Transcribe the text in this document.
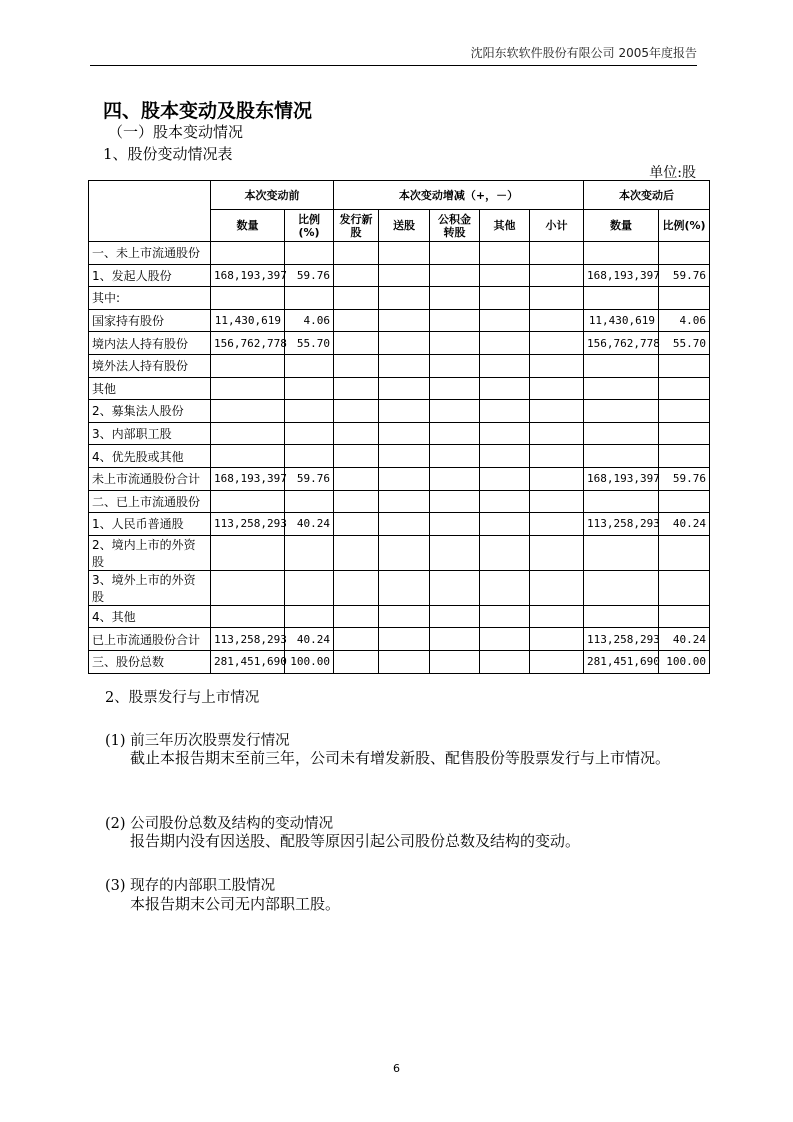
沈阳东软软件股份有限公司 2005年度报告
四、股本变动及股东情况

（一）股本变动情况

1、股份变动情况表

单位:股
	本次变动前		本次变动增减（+，－）					本次变动后	
	数量	比例(%)	发行新股	送股	公积金转股	其他	小计	数量	比例(%)
一、未上市流通股份									
1、发起人股份	168,193,397	59.76						168,193,397	59.76
其中:									
国家持有股份	11,430,619	4.06						11,430,619	4.06
境内法人持有股份	156,762,778	55.70						156,762,778	55.70
境外法人持有股份									
其他									
2、募集法人股份									
3、内部职工股									
4、优先股或其他									
未上市流通股份合计	168,193,397	59.76						168,193,397	59.76
二、已上市流通股份									
1、人民币普通股	113,258,293	40.24						113,258,293	40.24
2、境内上市的外资股									
3、境外上市的外资股									
4、其他									
已上市流通股份合计	113,258,293	40.24						113,258,293	40.24
三、股份总数	281,451,690	100.00						281,451,690	100.00

2、股票发行与上市情况

(1) 前三年历次股票发行情况

截止本报告期末至前三年，公司未有增发新股、配售股份等股票发行与上市情况。

(2) 公司股份总数及结构的变动情况

报告期内没有因送股、配股等原因引起公司股份总数及结构的变动。

(3) 现存的内部职工股情况

本报告期末公司无内部职工股。

6
